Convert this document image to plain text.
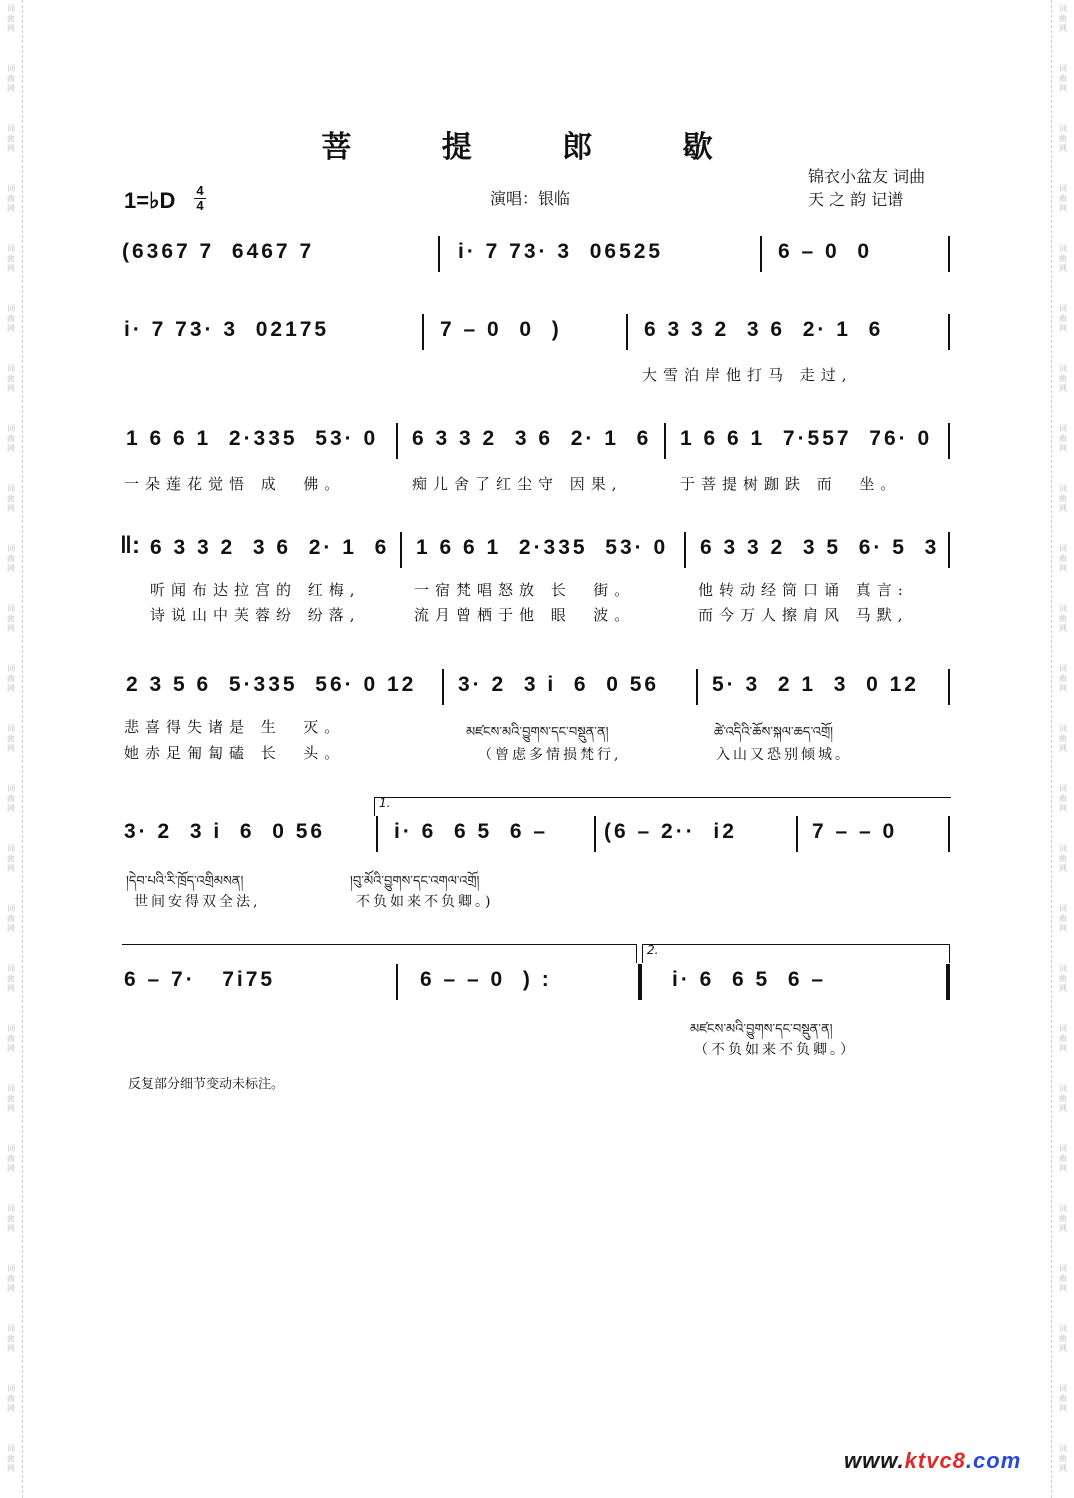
词
曲
网
词
曲
网
词
曲
网
词
曲
网
词
曲
网
词
曲
网
词
曲
网
词
曲
网
词
曲
网
词
曲
网
词
曲
网
词
曲
网
词
曲
网
词
曲
网
词
曲
网
词
曲
网
词
曲
网
词
曲
网
词
曲
网
词
曲
网
词
曲
网
词
曲
网
词
曲
网
词
曲
网
词
曲
网
词
曲
网
词
曲
网
词
曲
网
词
曲
网
词
曲
网
词
曲
网
词
曲
网
词
曲
网
词
曲
网
词
曲
网
词
曲
网
词
曲
网
词
曲
网
词
曲
网
词
曲
网
词
曲
网
词
曲
网
词
曲
网
词
曲
网
词
曲
网
词
曲
网
词
曲
网
词
曲
网
词
曲
网
词
曲
网
菩 提 郎 歇
锦衣小盆友 词曲
天 之 韵 记谱
演唱：银临
1=♭D 4
4
(6367 7  6467 7	i· 7 73· 3  06525	6 – 0  0
i· 7 73· 3  02175	7 – 0  0  )	6 3 3 2  3 6  2· 1  6
大雪泊岸他打马 走过,
1 6 6 1  2·335  53· 0 6 3 3 2  3 6  2· 1  6 1 6 6 1  7·557  76· 0
一朵莲花觉悟 成  佛。	痴儿舍了红尘守 因果,	于菩提树跏趺 而  坐。
‖: 6 3 3 2  3 6  2· 1  6 1 6 6 1  2·335  53· 0 6 3 3 2  3 5  6· 5  3
听闻布达拉宫的 红梅,	一宿梵唱怒放 长  街。	他转动经筒口诵 真言:
诗说山中芙蓉纷 纷落,	流月曾栖于他 眼  波。	而今万人擦肩风 马默,
2 3 5 6  5·335  56· 0 12 3· 2  3 i  6  0 56	5· 3  2 1  3  0 12
悲喜得失诸是 生  灭。	མཛངས་མའི་བྱུགས་དང་བསྡུན་ན།	ཚེ་འདིའི་ཆོས་སྐལ་ཆད་འགྲོ།
她赤足匍匐磕 长  头。	（曾虑多情损梵行,	入山又恐别倾城。
1.
3· 2  3 i  6  0 56	i· 6  6 5  6 –	(6 – 2··  i2	7 – – 0
།དེབ་པའི་རི་ཁྲོད་འགྲིམསན།	།བུ་མོའི་བྱུགས་དང་འགལ་འགྲོ།
世间安得双全法,	不负如来不负卿。)
2.
6 – 7·   7i75	6 – – 0  ) :	i· 6  6 5  6 –
མཛངས་མའི་བྱུགས་དང་བསྡུན་ན།
（不负如来不负卿。）
反复部分细节变动未标注。
www.ktvc8.com
